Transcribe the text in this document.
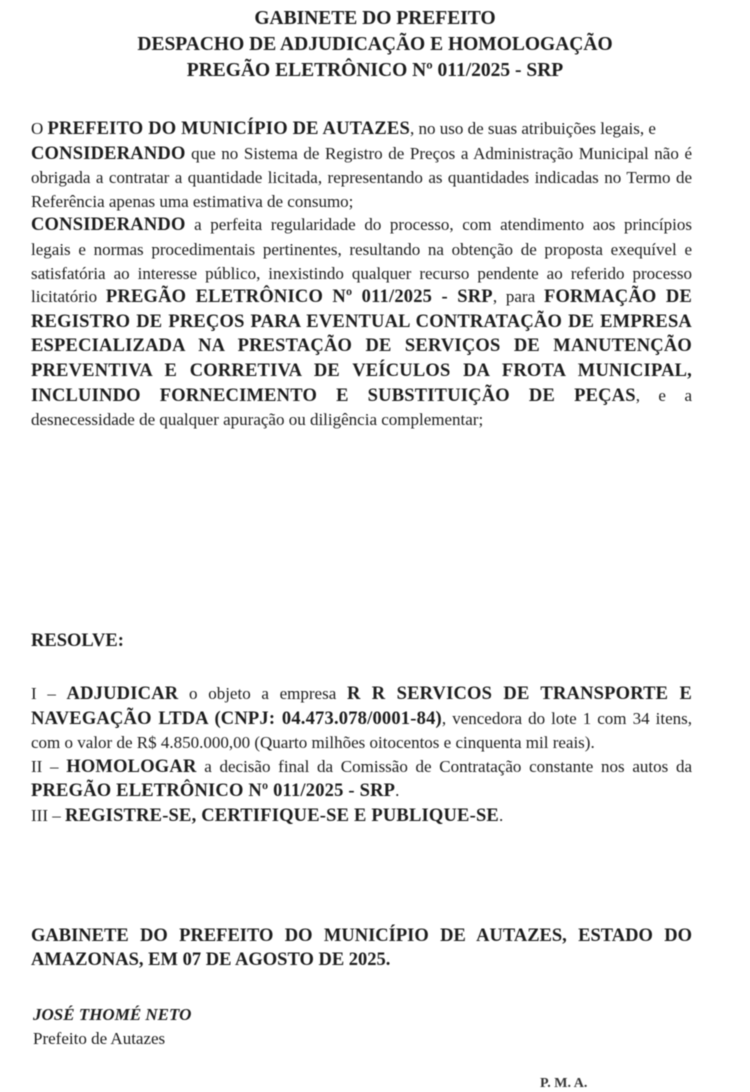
GABINETE DO PREFEITO
DESPACHO DE ADJUDICAÇÃO E HOMOLOGAÇÃO
PREGÃO ELETRÔNICO Nº 011/2025 - SRP

O PREFEITO DO MUNICÍPIO DE AUTAZES, no uso de suas atribuições legais, e

CONSIDERANDO que no Sistema de Registro de Preços a Administração Municipal não é obrigada a contratar a quantidade licitada, representando as quantidades indicadas no Termo de Referência apenas uma estimativa de consumo;

CONSIDERANDO a perfeita regularidade do processo, com atendimento aos princípios legais e normas procedimentais pertinentes, resultando na obtenção de proposta exequível e satisfatória ao interesse público, inexistindo qualquer recurso pendente ao referido processo licitatório PREGÃO ELETRÔNICO Nº 011/2025 - SRP, para FORMAÇÃO DE REGISTRO DE PREÇOS PARA EVENTUAL CONTRATAÇÃO DE EMPRESA ESPECIALIZADA NA PRESTAÇÃO DE SERVIÇOS DE MANUTENÇÃO PREVENTIVA E CORRETIVA DE VEÍCULOS DA FROTA MUNICIPAL, INCLUINDO FORNECIMENTO E SUBSTITUIÇÃO DE PEÇAS, e a desnecessidade de qualquer apuração ou diligência complementar;

RESOLVE:

I – ADJUDICAR o objeto a empresa R R SERVICOS DE TRANSPORTE E NAVEGAÇÃO LTDA (CNPJ: 04.473.078/0001-84), vencedora do lote 1 com 34 itens, com o valor de R$ 4.850.000,00 (Quarto milhões oitocentos e cinquenta mil reais).

II – HOMOLOGAR a decisão final da Comissão de Contratação constante nos autos da PREGÃO ELETRÔNICO Nº 011/2025 - SRP.

III – REGISTRE-SE, CERTIFIQUE-SE E PUBLIQUE-SE.

GABINETE DO PREFEITO DO MUNICÍPIO DE AUTAZES, ESTADO DO AMAZONAS, EM 07 DE AGOSTO DE 2025.
JOSÉ THOMÉ NETO
Prefeito de Autazes
P. M. A.
